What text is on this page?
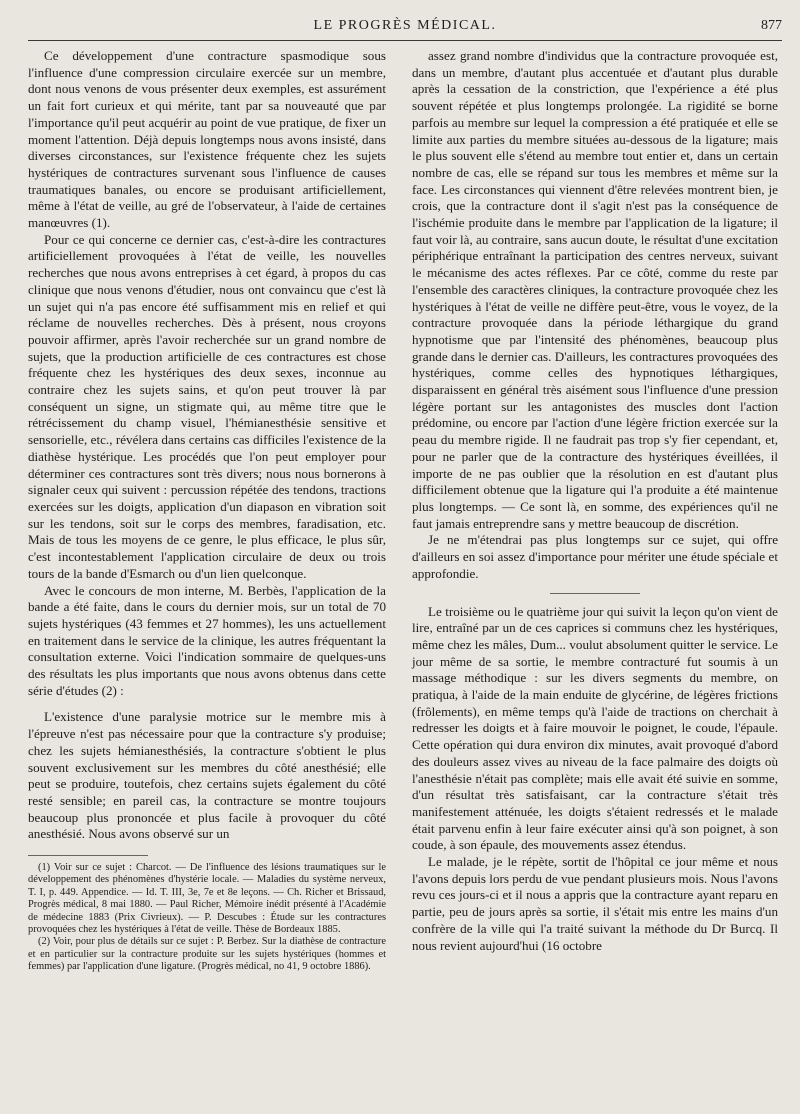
LE PROGRÈS MÉDICAL.	877

Ce développement d'une contracture spasmodique sous l'influence d'une compression circulaire exercée sur un membre, dont nous venons de vous présenter deux exemples, est assurément un fait fort curieux et qui mérite, tant par sa nouveauté que par l'importance qu'il peut acquérir au point de vue pratique, de fixer un moment l'attention. Déjà depuis longtemps nous avons insisté, dans diverses circonstances, sur l'existence fréquente chez les sujets hystériques de contractures survenant sous l'influence de causes traumatiques banales, ou encore se produisant artificiellement, même à l'état de veille, au gré de l'observateur, à l'aide de certaines manœuvres (1).

Pour ce qui concerne ce dernier cas, c'est-à-dire les contractures artificiellement provoquées à l'état de veille, les nouvelles recherches que nous avons entreprises à cet égard, à propos du cas clinique que nous venons d'étudier, nous ont convaincu que c'est là un sujet qui n'a pas encore été suffisamment mis en relief et qui réclame de nouvelles recherches. Dès à présent, nous croyons pouvoir affirmer, après l'avoir recherchée sur un grand nombre de sujets, que la production artificielle de ces contractures est chose fréquente chez les hystériques des deux sexes, inconnue au contraire chez les sujets sains, et qu'on peut trouver là par conséquent un signe, un stigmate qui, au même titre que le rétrécissement du champ visuel, l'hémianesthésie sensitive et sensorielle, etc., révélera dans certains cas difficiles l'existence de la diathèse hystérique. Les procédés que l'on peut employer pour déterminer ces contractures sont très divers; nous nous bornerons à signaler ceux qui suivent : percussion répétée des tendons, tractions exercées sur les doigts, application d'un diapason en vibration soit sur les tendons, soit sur le corps des membres, faradisation, etc. Mais de tous les moyens de ce genre, le plus efficace, le plus sûr, c'est incontestablement l'application circulaire de deux ou trois tours de la bande d'Esmarch ou d'un lien quelconque.

Avec le concours de mon interne, M. Berbès, l'application de la bande a été faite, dans le cours du dernier mois, sur un total de 70 sujets hystériques (43 femmes et 27 hommes), les uns actuellement en traitement dans le service de la clinique, les autres fréquentant la consultation externe. Voici l'indication sommaire de quelques-uns des résultats les plus importants que nous avons obtenus dans cette série d'études (2) :

L'existence d'une paralysie motrice sur le membre mis à l'épreuve n'est pas nécessaire pour que la contracture s'y produise; chez les sujets hémianesthésiés, la contracture s'obtient le plus souvent exclusivement sur les membres du côté anesthésié; elle peut se produire, toutefois, chez certains sujets également du côté resté sensible; en pareil cas, la contracture se montre toujours beaucoup plus prononcée et plus facile à provoquer du côté anesthésié. Nous avons observé sur un

(1) Voir sur ce sujet : Charcot. — De l'influence des lésions traumatiques sur le développement des phénomènes d'hystérie locale. — Maladies du système nerveux, T. I, p. 449. Appendice. — Id. T. III, 3e, 7e et 8e leçons. — Ch. Richer et Brissaud, Progrès médical, 8 mai 1880. — Paul Richer, Mémoire inédit présenté à l'Académie de médecine 1883 (Prix Civrieux). — P. Descubes : Étude sur les contractures provoquées chez les hystériques à l'état de veille. Thèse de Bordeaux 1885.

(2) Voir, pour plus de détails sur ce sujet : P. Berbez. Sur la diathèse de contracture et en particulier sur la contracture produite sur les sujets hystériques (hommes et femmes) par l'application d'une ligature. (Progrès médical, no 41, 9 octobre 1886).

assez grand nombre d'individus que la contracture provoquée est, dans un membre, d'autant plus accentuée et d'autant plus durable après la cessation de la constriction, que l'expérience a été plus souvent répétée et plus longtemps prolongée. La rigidité se borne parfois au membre sur lequel la compression a été pratiquée et elle se limite aux parties du membre situées au-dessous de la ligature; mais le plus souvent elle s'étend au membre tout entier et, dans un certain nombre de cas, elle se répand sur tous les membres et même sur la face. Les circonstances qui viennent d'être relevées montrent bien, je crois, que la contracture dont il s'agit n'est pas la conséquence de l'ischémie produite dans le membre par l'application de la ligature; il faut voir là, au contraire, sans aucun doute, le résultat d'une excitation périphérique entraînant la participation des centres nerveux, suivant le mécanisme des actes réflexes. Par ce côté, comme du reste par l'ensemble des caractères cliniques, la contracture provoquée chez les hystériques à l'état de veille ne diffère peut-être, vous le voyez, de la contracture provoquée dans la période léthargique du grand hypnotisme que par l'intensité des phénomènes, beaucoup plus grande dans le dernier cas. D'ailleurs, les contractures provoquées des hystériques, comme celles des hypnotiques léthargiques, disparaissent en général très aisément sous l'influence d'une pression légère portant sur les antagonistes des muscles dont l'action prédomine, ou encore par l'action d'une légère friction exercée sur la peau du membre rigide. Il ne faudrait pas trop s'y fier cependant, et, pour ne parler que de la contracture des hystériques éveillées, il importe de ne pas oublier que la résolution en est d'autant plus difficilement obtenue que la ligature qui l'a produite a été maintenue plus longtemps. — Ce sont là, en somme, des expériences qu'il ne faut jamais entreprendre sans y mettre beaucoup de discrétion.

Je ne m'étendrai pas plus longtemps sur ce sujet, qui offre d'ailleurs en soi assez d'importance pour mériter une étude spéciale et approfondie.

Le troisième ou le quatrième jour qui suivit la leçon qu'on vient de lire, entraîné par un de ces caprices si communs chez les hystériques, même chez les mâles, Dum... voulut absolument quitter le service. Le jour même de sa sortie, le membre contracturé fut soumis à un massage méthodique : sur les divers segments du membre, on pratiqua, à l'aide de la main enduite de glycérine, de légères frictions (frôlements), en même temps qu'à l'aide de tractions on cherchait à redresser les doigts et à faire mouvoir le poignet, le coude, l'épaule. Cette opération qui dura environ dix minutes, avait provoqué d'abord des douleurs assez vives au niveau de la face palmaire des doigts où l'anesthésie n'était pas complète; mais elle avait été suivie en somme, d'un résultat très satisfaisant, car la contracture s'était très manifestement atténuée, les doigts s'étaient redressés et le malade était parvenu enfin à leur faire exécuter ainsi qu'à son poignet, à son coude, à son épaule, des mouvements assez étendus.

Le malade, je le répète, sortit de l'hôpital ce jour même et nous l'avons depuis lors perdu de vue pendant plusieurs mois. Nous l'avons revu ces jours-ci et il nous a appris que la contracture ayant reparu en partie, peu de jours après sa sortie, il s'était mis entre les mains d'un confrère de la ville qui l'a traité suivant la méthode du Dr Burcq. Il nous revient aujourd'hui (16 octobre
